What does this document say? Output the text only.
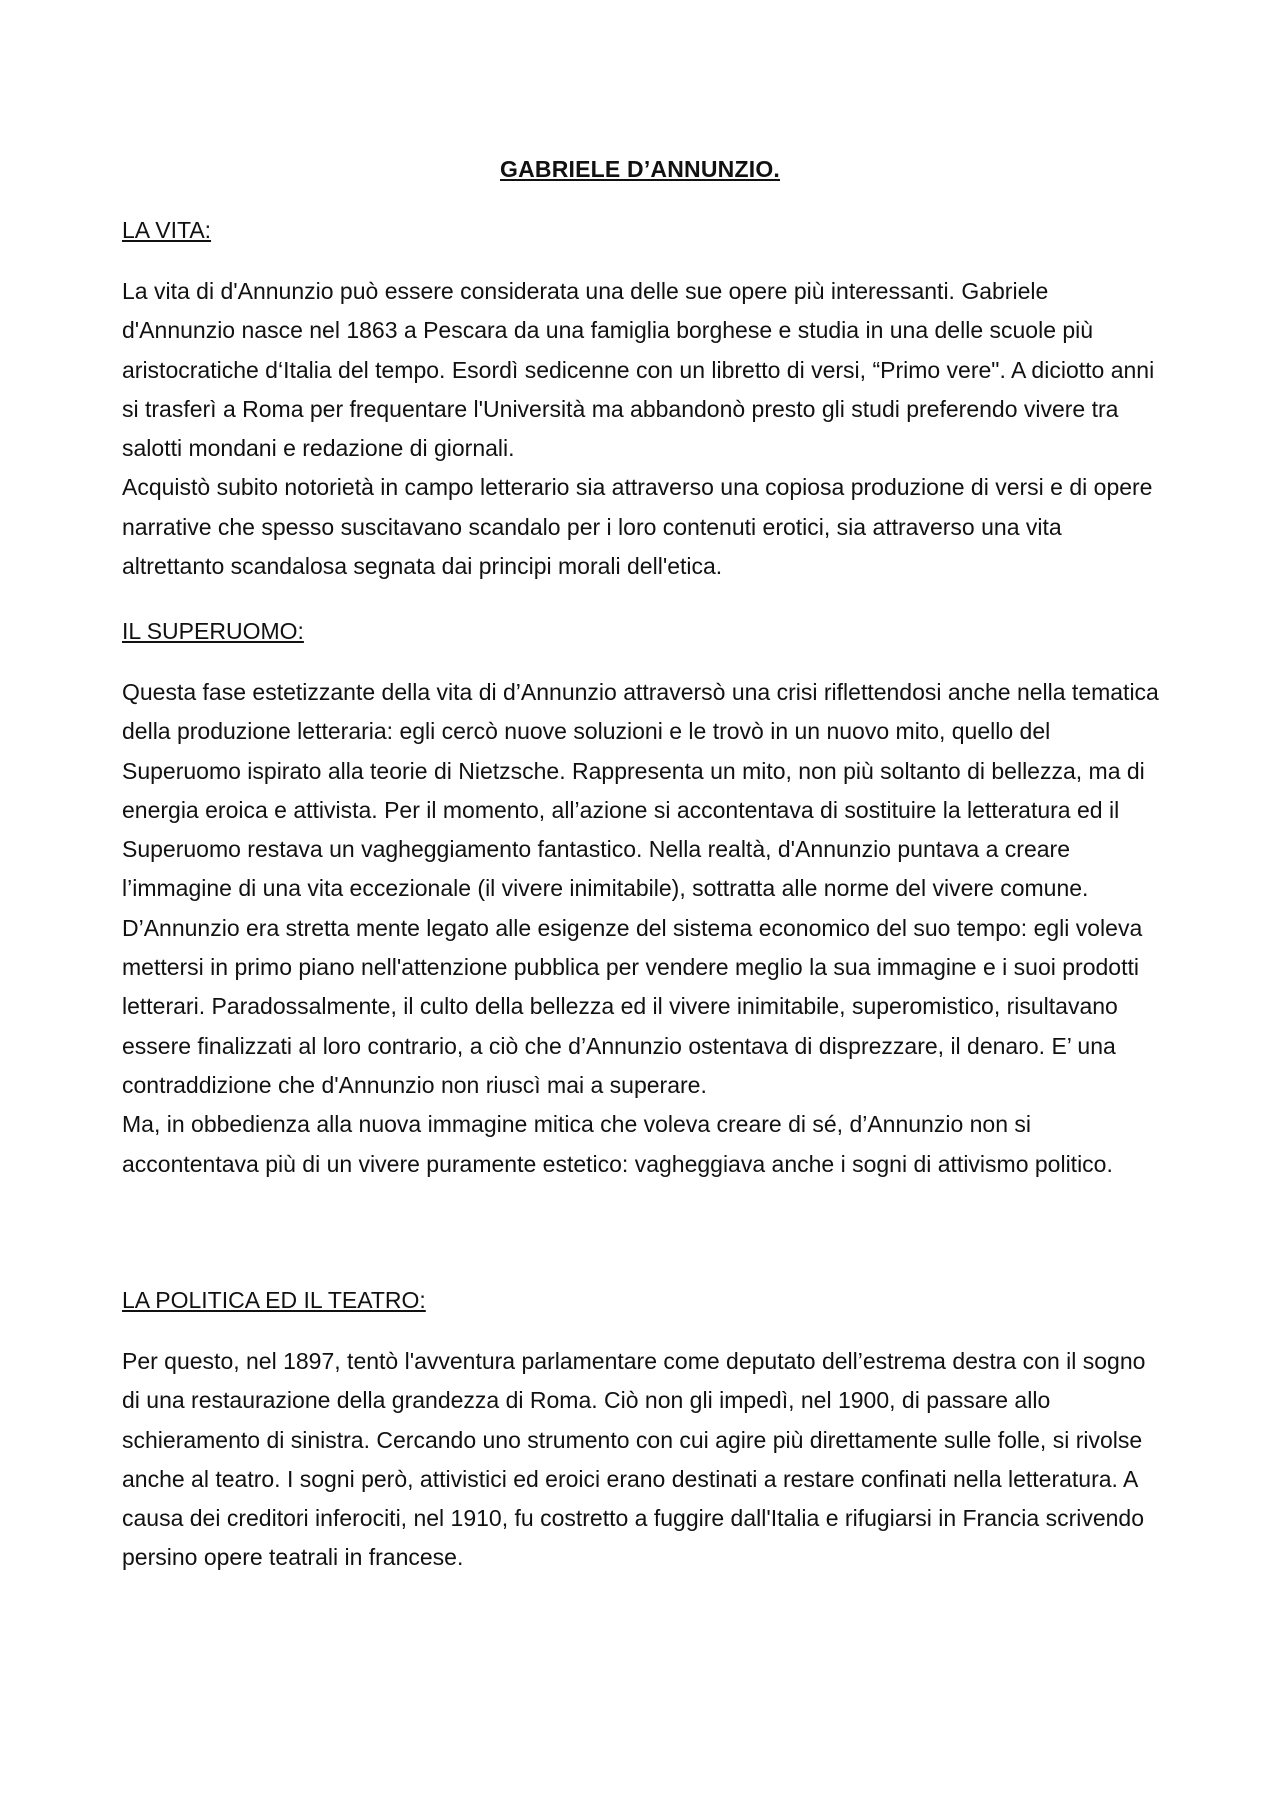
GABRIELE D’ANNUNZIO.
LA VITA:

La vita di d'Annunzio può essere considerata una delle sue opere più interessanti. Gabriele d'Annunzio nasce nel 1863 a Pescara da una famiglia borghese e studia in una delle scuole più aristocratiche d‘Italia del tempo. Esordì sedicenne con un libretto di versi, “Primo vere". A diciotto anni si trasferì a Roma per frequentare l'Università ma abbandonò presto gli studi preferendo vivere tra salotti mondani e redazione di giornali.

Acquistò subito notorietà in campo letterario sia attraverso una copiosa produzione di versi e di opere narrative che spesso suscitavano scandalo per i loro contenuti erotici, sia attraverso una vita altrettanto scandalosa segnata dai principi morali dell'etica.

IL SUPERUOMO:

Questa fase estetizzante della vita di d’Annunzio attraversò una crisi riflettendosi anche nella tematica della produzione letteraria: egli cercò nuove soluzioni e le trovò in un nuovo mito, quello del Superuomo ispirato alla teorie di Nietzsche. Rappresenta un mito, non più soltanto di bellezza, ma di energia eroica e attivista. Per il momento, all’azione si accontentava di sostituire la letteratura ed il Superuomo restava un vagheggiamento fantastico. Nella realtà, d'Annunzio puntava a creare l’immagine di una vita eccezionale (il vivere inimitabile), sottratta alle norme del vivere comune. D’Annunzio era stretta mente legato alle esigenze del sistema economico del suo tempo: egli voleva mettersi in primo piano nell'attenzione pubblica per vendere meglio la sua immagine e i suoi prodotti letterari. Paradossalmente, il culto della bellezza ed il vivere inimitabile, superomistico, risultavano essere finalizzati al loro contrario, a ciò che d’Annunzio ostentava di disprezzare, il denaro. E’ una contraddizione che d'Annunzio non riuscì mai a superare.

Ma, in obbedienza alla nuova immagine mitica che voleva creare di sé, d’Annunzio non si accontentava più di un vivere puramente estetico: vagheggiava anche i sogni di attivismo politico.

LA POLITICA ED IL TEATRO:

Per questo, nel 1897, tentò l'avventura parlamentare come deputato dell’estrema destra con il sogno di una restaurazione della grandezza di Roma. Ciò non gli impedì, nel 1900, di passare allo schieramento di sinistra. Cercando uno strumento con cui agire più direttamente sulle folle, si rivolse anche al teatro. I sogni però, attivistici ed eroici erano destinati a restare confinati nella letteratura. A causa dei creditori inferociti, nel 1910, fu costretto a fuggire dall'Italia e rifugiarsi in Francia scrivendo persino opere teatrali in francese.
